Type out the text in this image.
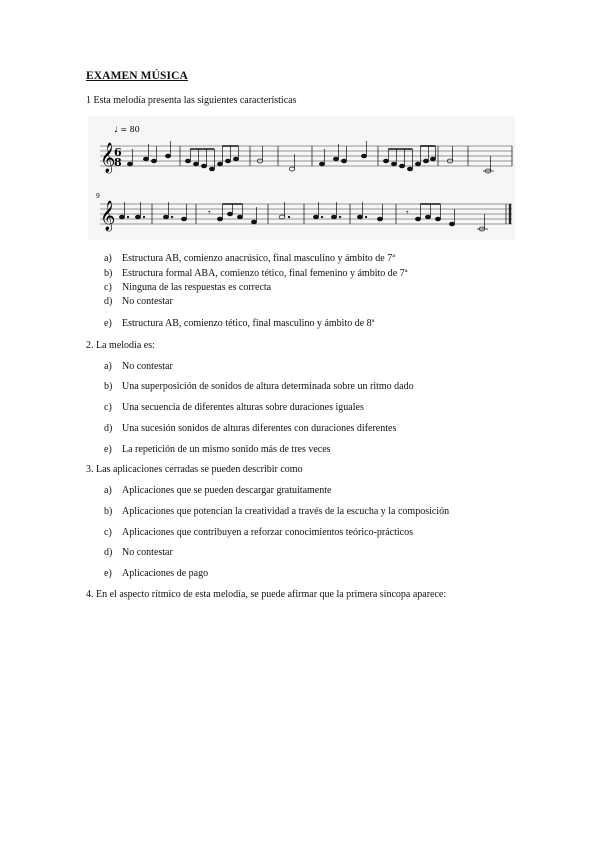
EXAMEN MÚSICA
1 Esta melodía presenta las siguientes características
♩ = 80
𝄞
6
8
9
𝄞	𝄾	𝄾
a) Estructura AB, comienzo anacrúsico, final masculino y ámbito de 7ª
b) Estructura formal ABA, comienzo tético, final femenino y ámbito de 7ª
c) Ninguna de las respuestas es correcta
d) No contestar
e) Estructura AB, comienzo tético, final masculino y ámbito de 8ª
2. La melodía es:
a) No contestar
b) Una superposición de sonidos de altura determinada sobre un ritmo dado
c) Una secuencia de diferentes alturas sobre duraciones iguales
d) Una sucesión sonidos de alturas diferentes con duraciones diferentes
e) La repetición de un mismo sonido más de tres veces
3. Las aplicaciones cerradas se pueden describir como
a) Aplicaciones que se pueden descargar gratuitamente
b) Aplicaciones que potencian la creatividad a través de la escucha y la composición
c) Aplicaciones que contribuyen a reforzar conocimientos teórico-prácticos
d) No contestar
e) Aplicaciones de pago
4. En el aspecto rítmico de esta melodía, se puede afirmar que la primera síncopa aparece:
